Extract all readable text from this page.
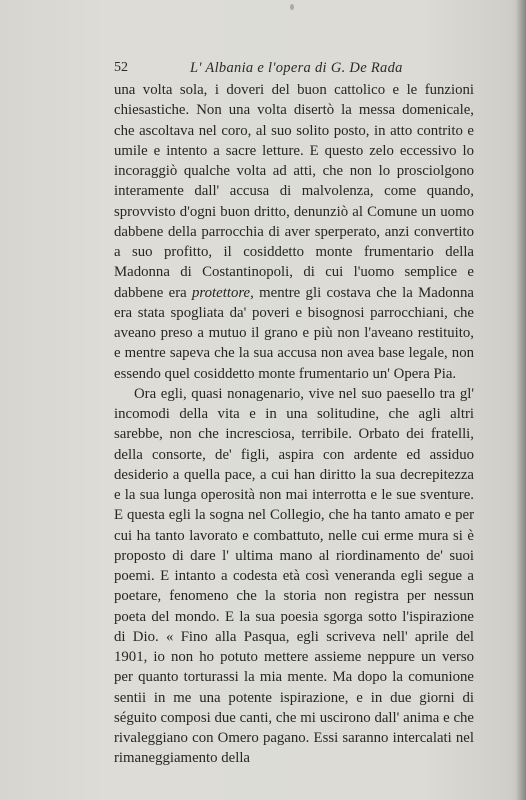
52	L' Albania e l'opera di G. De Rada

una volta sola, i doveri del buon cattolico e le funzioni chiesastiche. Non una volta disertò la messa domenicale, che ascoltava nel coro, al suo solito posto, in atto contrito e umile e intento a sacre letture. E questo zelo eccessivo lo incoraggiò qualche volta ad atti, che non lo prosciolgono interamente dall' accusa di malvolenza, come quando, sprovvisto d'ogni buon dritto, denunziò al Comune un uomo dabbene della parrocchia di aver sperperato, anzi convertito a suo profitto, il cosiddetto monte frumentario della Madonna di Costantinopoli, di cui l'uomo semplice e dabbene era protettore, mentre gli costava che la Madonna era stata spogliata da' poveri e bisognosi parrocchiani, che aveano preso a mutuo il grano e più non l'aveano restituito, e mentre sapeva che la sua accusa non avea base legale, non essendo quel cosiddetto monte frumentario un' Opera Pia.

Ora egli, quasi nonagenario, vive nel suo paesello tra gl' incomodi della vita e in una solitudine, che agli altri sarebbe, non che incresciosa, terribile. Orbato dei fratelli, della consorte, de' figli, aspira con ardente ed assiduo desiderio a quella pace, a cui han diritto la sua decrepitezza e la sua lunga operosità non mai interrotta e le sue sventure. E questa egli la sogna nel Collegio, che ha tanto amato e per cui ha tanto lavorato e combattuto, nelle cui erme mura si è proposto di dare l' ultima mano al riordinamento de' suoi poemi. E intanto a codesta età così veneranda egli segue a poetare, fenomeno che la storia non registra per nessun poeta del mondo. E la sua poesia sgorga sotto l'ispirazione di Dio. « Fino alla Pasqua, egli scriveva nell' aprile del 1901, io non ho potuto mettere assieme neppure un verso per quanto torturassi la mia mente. Ma dopo la comunione sentii in me una potente ispirazione, e in due giorni di séguito composi due canti, che mi uscirono dall' anima e che rivaleggiano con Omero pagano. Essi saranno intercalati nel rimaneggiamento della
